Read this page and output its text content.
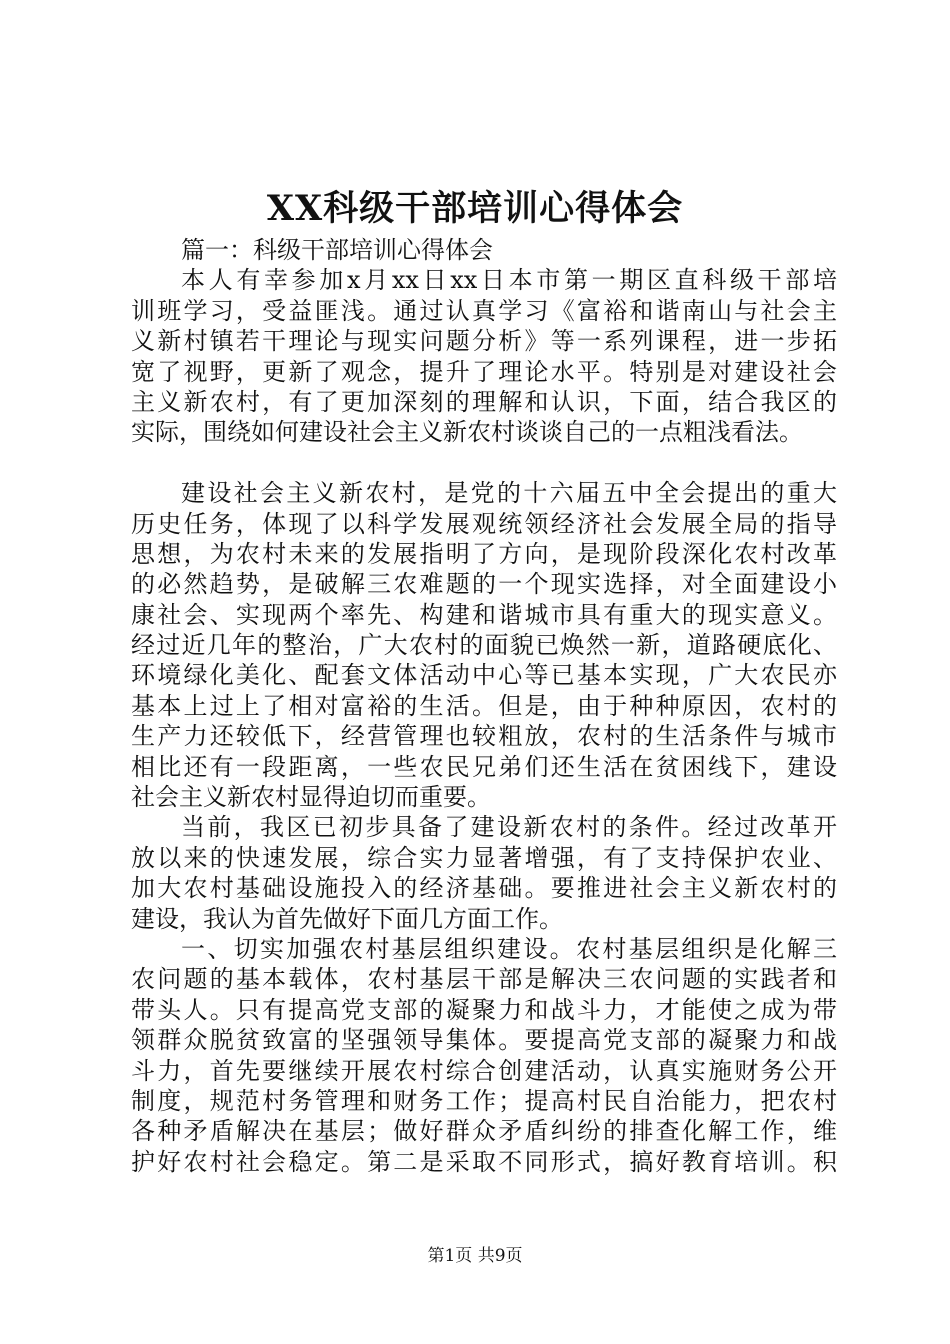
XX科级干部培训心得体会
篇一：科级干部培训心得体会
本人有幸参加x月xx日xx日本市第一期区直科级干部培
训班学习，受益匪浅。通过认真学习《富裕和谐南山与社会主
义新村镇若干理论与现实问题分析》等一系列课程，进一步拓
宽了视野，更新了观念，提升了理论水平。特别是对建设社会
主义新农村，有了更加深刻的理解和认识，下面，结合我区的
实际，围绕如何建设社会主义新农村谈谈自己的一点粗浅看法。
建设社会主义新农村，是党的十六届五中全会提出的重大
历史任务，体现了以科学发展观统领经济社会发展全局的指导
思想，为农村未来的发展指明了方向，是现阶段深化农村改革
的必然趋势，是破解三农难题的一个现实选择，对全面建设小
康社会、实现两个率先、构建和谐城市具有重大的现实意义。
经过近几年的整治，广大农村的面貌已焕然一新，道路硬底化、
环境绿化美化、配套文体活动中心等已基本实现，广大农民亦
基本上过上了相对富裕的生活。但是，由于种种原因，农村的
生产力还较低下，经营管理也较粗放，农村的生活条件与城市
相比还有一段距离，一些农民兄弟们还生活在贫困线下，建设
社会主义新农村显得迫切而重要。
当前，我区已初步具备了建设新农村的条件。经过改革开
放以来的快速发展，综合实力显著增强，有了支持保护农业、
加大农村基础设施投入的经济基础。要推进社会主义新农村的
建设，我认为首先做好下面几方面工作。
一、切实加强农村基层组织建设。农村基层组织是化解三
农问题的基本载体，农村基层干部是解决三农问题的实践者和
带头人。只有提高党支部的凝聚力和战斗力，才能使之成为带
领群众脱贫致富的坚强领导集体。要提高党支部的凝聚力和战
斗力，首先要继续开展农村综合创建活动，认真实施财务公开
制度，规范村务管理和财务工作；提高村民自治能力，把农村
各种矛盾解决在基层；做好群众矛盾纠纷的排查化解工作，维
护好农村社会稳定。第二是采取不同形式，搞好教育培训。积
第1页 共9页
